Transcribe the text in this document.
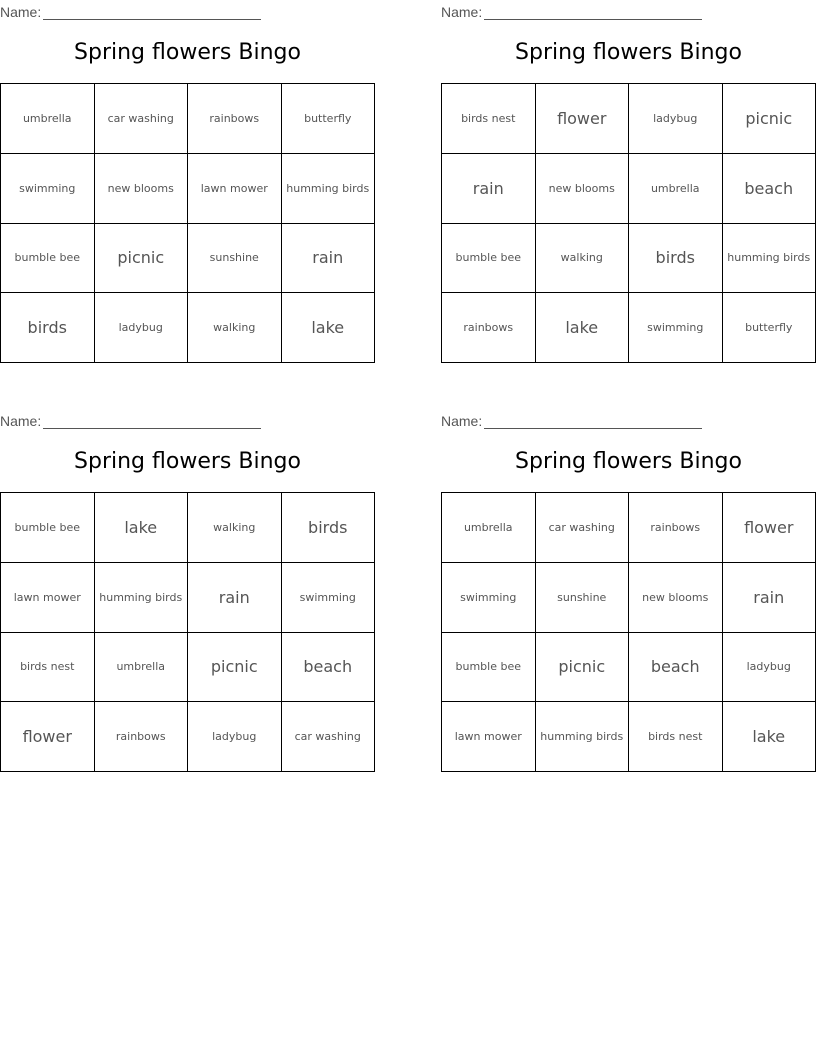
Name:
Spring flowers Bingo
umbrella	car washing	rainbows	butterfly
swimming	new blooms	lawn mower	humming birds
bumble bee	picnic	sunshine	rain
birds	ladybug	walking	lake
Name:
Spring flowers Bingo
birds nest	flower	ladybug	picnic
rain	new blooms	umbrella	beach
bumble bee	walking	birds	humming birds
rainbows	lake	swimming	butterfly
Name:
Spring flowers Bingo
bumble bee	lake	walking	birds
lawn mower	humming birds	rain	swimming
birds nest	umbrella	picnic	beach
flower	rainbows	ladybug	car washing
Name:
Spring flowers Bingo
umbrella	car washing	rainbows	flower
swimming	sunshine	new blooms	rain
bumble bee	picnic	beach	ladybug
lawn mower	humming birds	birds nest	lake
